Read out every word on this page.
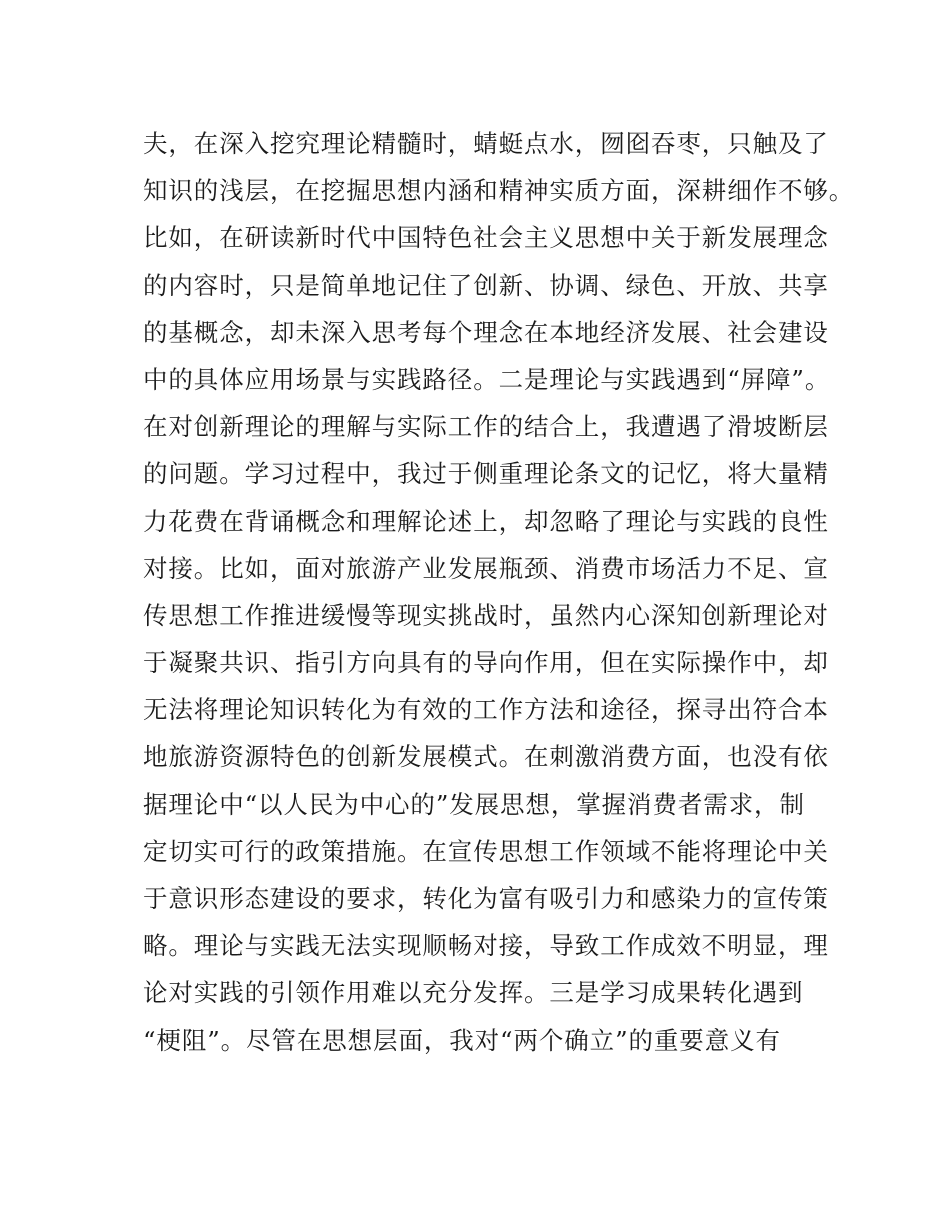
夫，在深入挖究理论精髓时，蜻蜓点水，囫囵吞枣，只触及了
知识的浅层，在挖掘思想内涵和精神实质方面，深耕细作不够。
比如，在研读新时代中国特色社会主义思想中关于新发展理念
的内容时，只是简单地记住了创新、协调、绿色、开放、共享
的基概念，却未深入思考每个理念在本地经济发展、社会建设
中的具体应用场景与实践路径。二是理论与实践遇到“屏障”。
在对创新理论的理解与实际工作的结合上，我遭遇了滑坡断层
的问题。学习过程中，我过于侧重理论条文的记忆，将大量精
力花费在背诵概念和理解论述上，却忽略了理论与实践的良性
对接。比如，面对旅游产业发展瓶颈、消费市场活力不足、宣
传思想工作推进缓慢等现实挑战时，虽然内心深知创新理论对
于凝聚共识、指引方向具有的导向作用，但在实际操作中，却
无法将理论知识转化为有效的工作方法和途径，探寻出符合本
地旅游资源特色的创新发展模式。在刺激消费方面，也没有依
据理论中“以人民为中心的”发展思想，掌握消费者需求，制
定切实可行的政策措施。在宣传思想工作领域不能将理论中关
于意识形态建设的要求，转化为富有吸引力和感染力的宣传策
略。理论与实践无法实现顺畅对接，导致工作成效不明显，理
论对实践的引领作用难以充分发挥。三是学习成果转化遇到
“梗阻”。尽管在思想层面，我对“两个确立”的重要意义有
